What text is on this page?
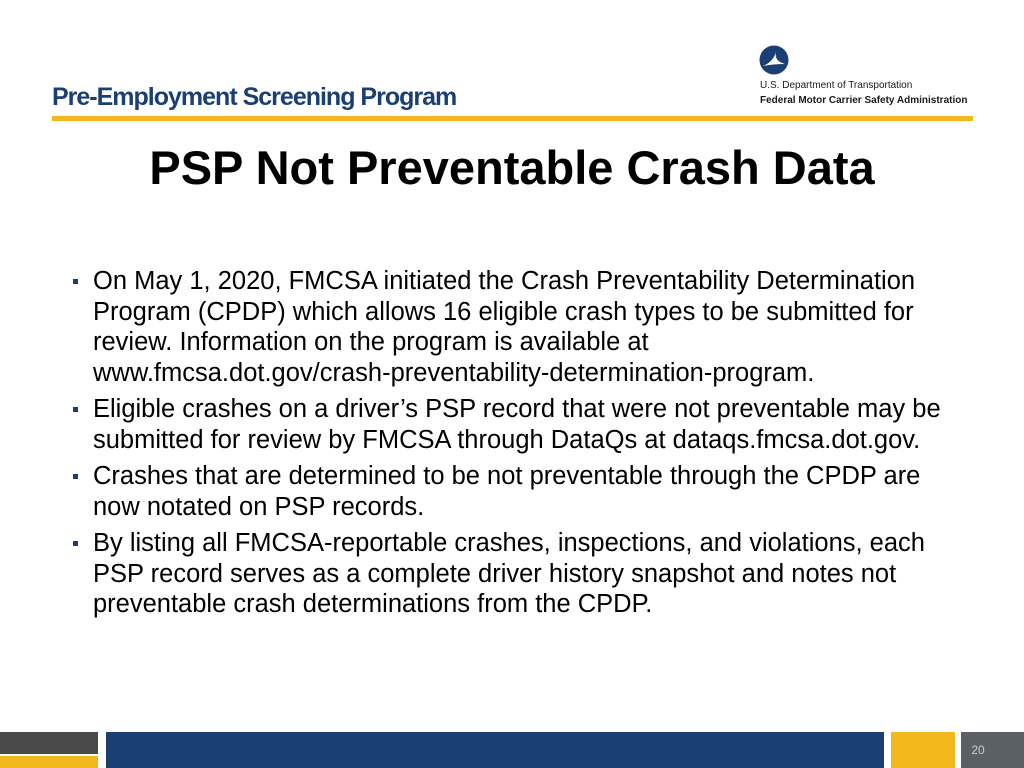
Pre-Employment Screening Program	U.S. Department of Transportation
Federal Motor Carrier Safety Administration
PSP Not Preventable Crash Data
On May 1, 2020, FMCSA initiated the Crash Preventability Determination Program (CPDP) which allows 16 eligible crash types to be submitted for review. Information on the program is available at www.fmcsa.dot.gov/crash-preventability-determination-program.
Eligible crashes on a driver’s PSP record that were not preventable may be submitted for review by FMCSA through DataQs at dataqs.fmcsa.dot.gov.
Crashes that are determined to be not preventable through the CPDP are now notated on PSP records.
By listing all FMCSA-reportable crashes, inspections, and violations, each PSP record serves as a complete driver history snapshot and notes not preventable crash determinations from the CPDP.
20
